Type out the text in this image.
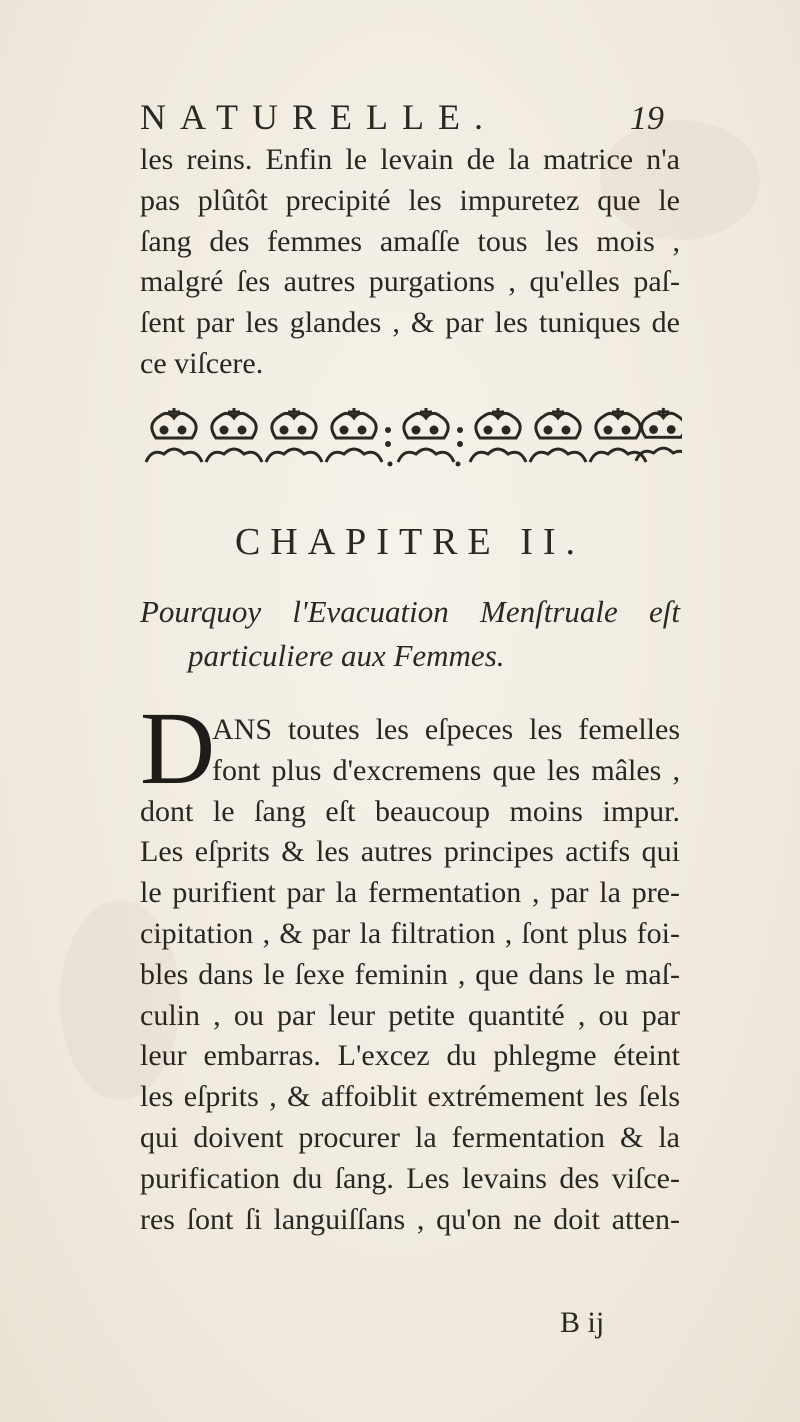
NATURELLE.	19
les reins. Enfin le levain de la matrice n'a
pas plûtôt precipité les impuretez que le
ſang des femmes amaſſe tous les mois ,
malgré ſes autres purgations , qu'elles paſ-
ſent par les glandes , & par les tuniques de
ce viſcere.
CHAPITRE II.
Pourquoy l'Evacuation Menſtruale eſt
particuliere aux Femmes.
D
ANS toutes les eſpeces les femelles
font plus d'excremens que les mâles ,
dont le ſang eſt beaucoup moins impur.
Les eſprits & les autres principes actifs qui
le purifient par la fermentation , par la pre-
cipitation , & par la filtration , ſont plus foi-
bles dans le ſexe feminin , que dans le maſ-
culin , ou par leur petite quantité , ou par
leur embarras. L'excez du phlegme éteint
les eſprits , & affoiblit extrémement les ſels
qui doivent procurer la fermentation & la
purification du ſang. Les levains des viſce-
res ſont ſi languiſſans , qu'on ne doit atten-
B ij
